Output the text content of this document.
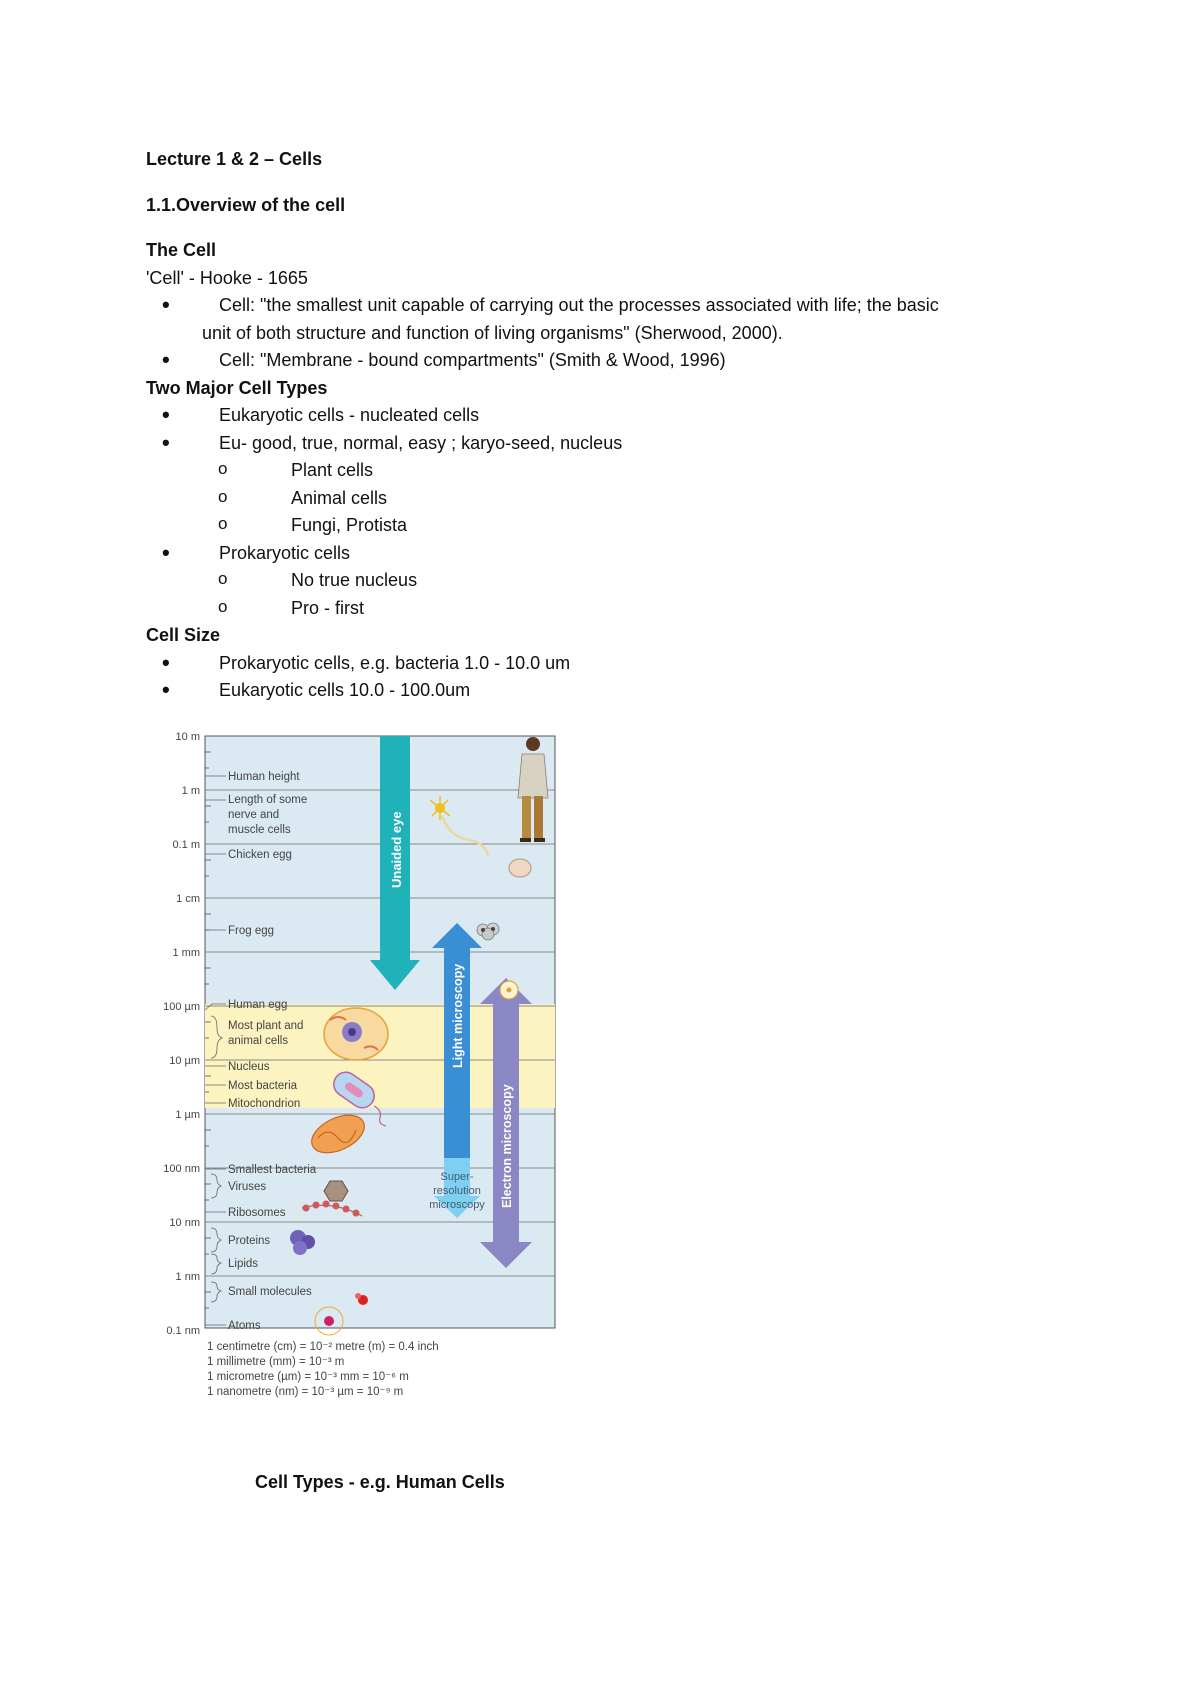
Lecture 1 & 2 – Cells
1.1.Overview of the cell
The Cell
'Cell' - Hooke - 1665
• Cell: "the smallest unit capable of carrying out the processes associated with life; the basic
unit of both structure and function of living organisms" (Sherwood, 2000).
• Cell: "Membrane - bound compartments" (Smith & Wood, 1996)
Two Major Cell Types
• Eukaryotic cells - nucleated cells
• Eu- good, true, normal, easy ; karyo-seed, nucleus
o Plant cells
o Animal cells
o Fungi, Protista
• Prokaryotic cells
o No true nucleus
o Pro - first
Cell Size
• Prokaryotic cells, e.g. bacteria 1.0 - 10.0 um
• Eukaryotic cells 10.0 - 100.0um
10 m
1 m
0.1 m
1 cm
1 mm
100 µm
10 µm
1 µm
100 nm
10 nm
1 nm
0.1 nm
Human height
Length of some
nerve and
muscle cells
Chicken egg
Frog egg
Human egg
Most plant and
animal cells
Nucleus
Most bacteria
Mitochondrion
Smallest bacteria
Viruses
Ribosomes
Proteins
Lipids
Small molecules
Atoms
Unaided eye
Light microscopy
Super-
resolution
microscopy Electron microscopy
1 centimetre (cm) = 10⁻² metre (m) = 0.4 inch
1 millimetre (mm) = 10⁻³ m
1 micrometre (µm) = 10⁻³ mm = 10⁻⁶ m
1 nanometre (nm) = 10⁻³ µm = 10⁻⁹ m
Cell Types - e.g. Human Cells
